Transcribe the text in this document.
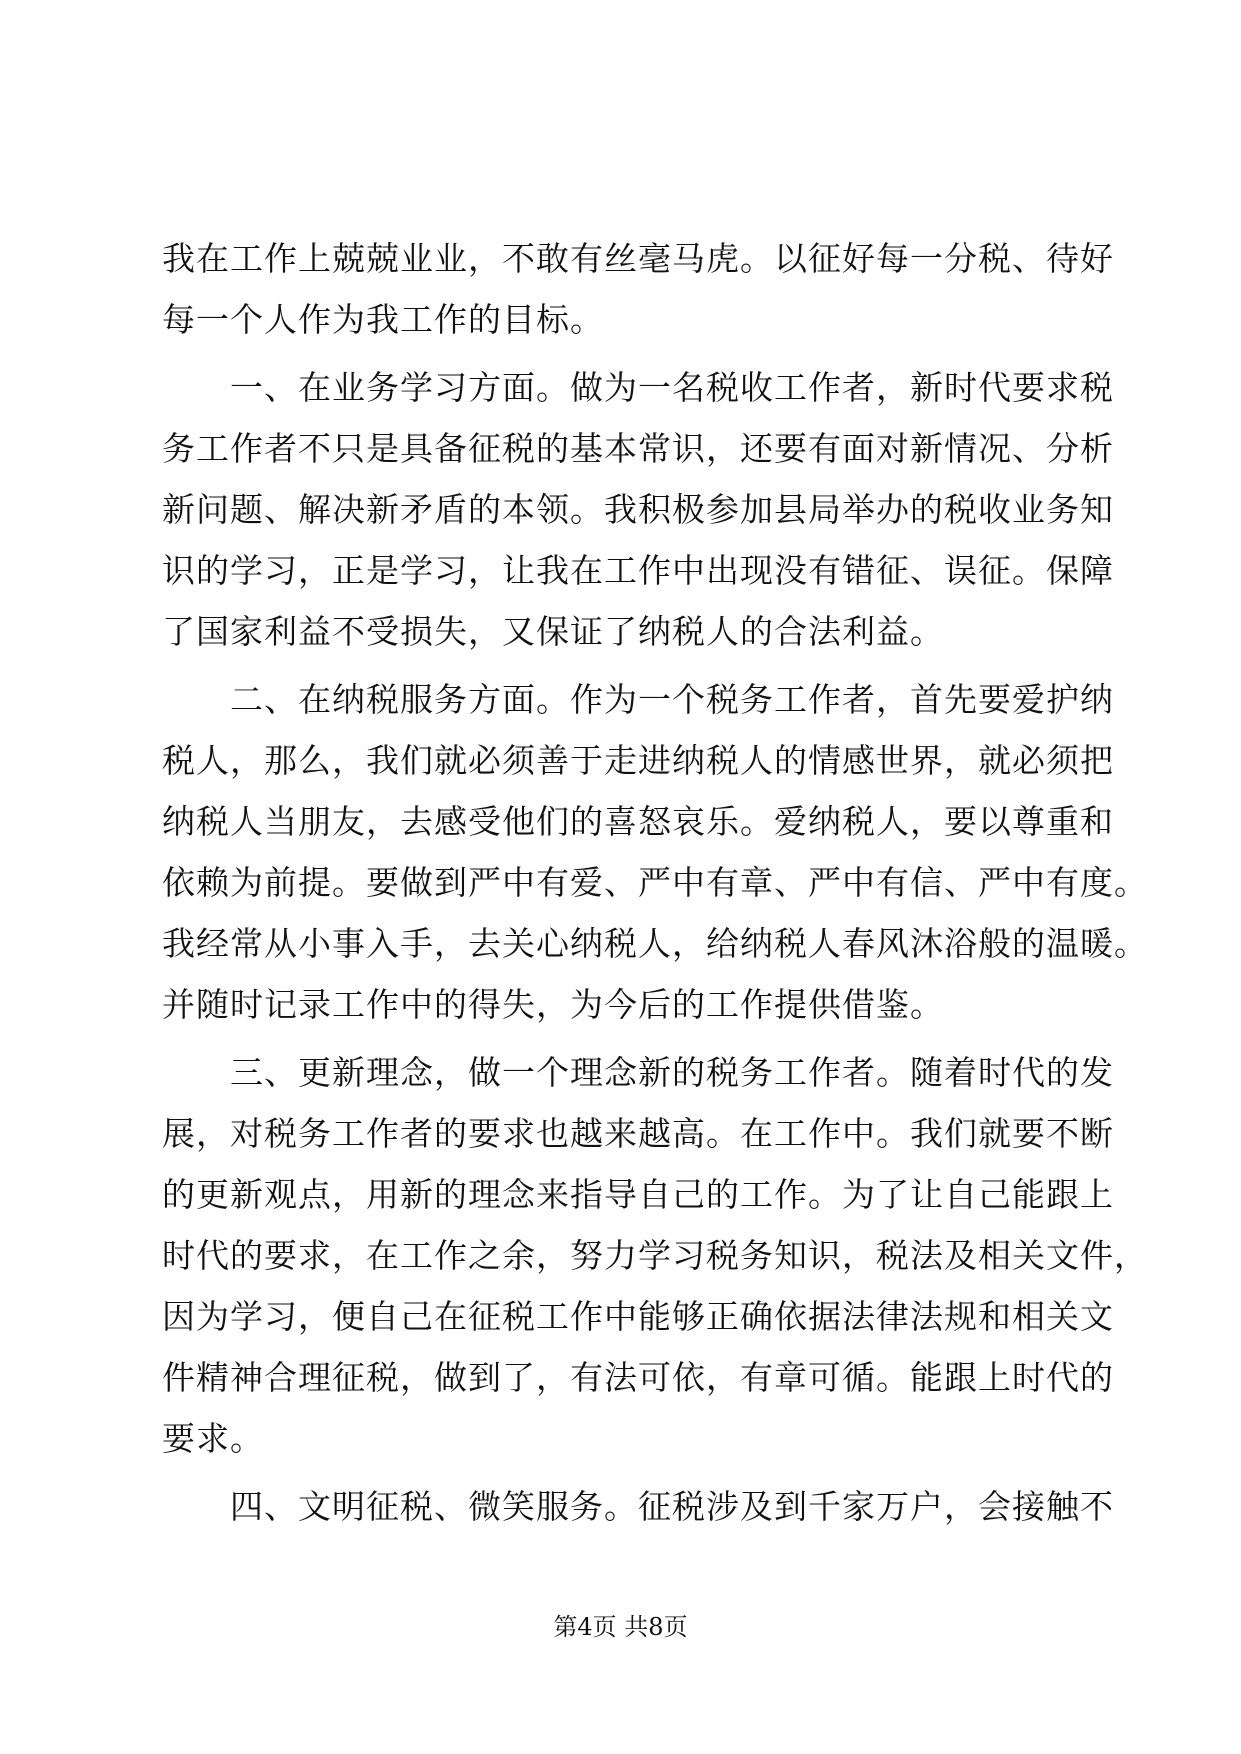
我在工作上兢兢业业，不敢有丝毫马虎。以征好每一分税、待好
每一个人作为我工作的目标。
　　一、在业务学习方面。做为一名税收工作者，新时代要求税
务工作者不只是具备征税的基本常识，还要有面对新情况、分析
新问题、解决新矛盾的本领。我积极参加县局举办的税收业务知
识的学习，正是学习，让我在工作中出现没有错征、误征。保障
了国家利益不受损失，又保证了纳税人的合法利益。
　　二、在纳税服务方面。作为一个税务工作者，首先要爱护纳
税人，那么，我们就必须善于走进纳税人的情感世界，就必须把
纳税人当朋友，去感受他们的喜怒哀乐。爱纳税人，要以尊重和
依赖为前提。要做到严中有爱、严中有章、严中有信、严中有度。
我经常从小事入手，去关心纳税人，给纳税人春风沐浴般的温暖。
并随时记录工作中的得失，为今后的工作提供借鉴。
　　三、更新理念，做一个理念新的税务工作者。随着时代的发
展，对税务工作者的要求也越来越高。在工作中。我们就要不断
的更新观点，用新的理念来指导自己的工作。为了让自己能跟上
时代的要求，在工作之余，努力学习税务知识，税法及相关文件，
因为学习，便自己在征税工作中能够正确依据法律法规和相关文
件精神合理征税，做到了，有法可依，有章可循。能跟上时代的
要求。
　　四、文明征税、微笑服务。征税涉及到千家万户，会接触不
第4页 共8页
